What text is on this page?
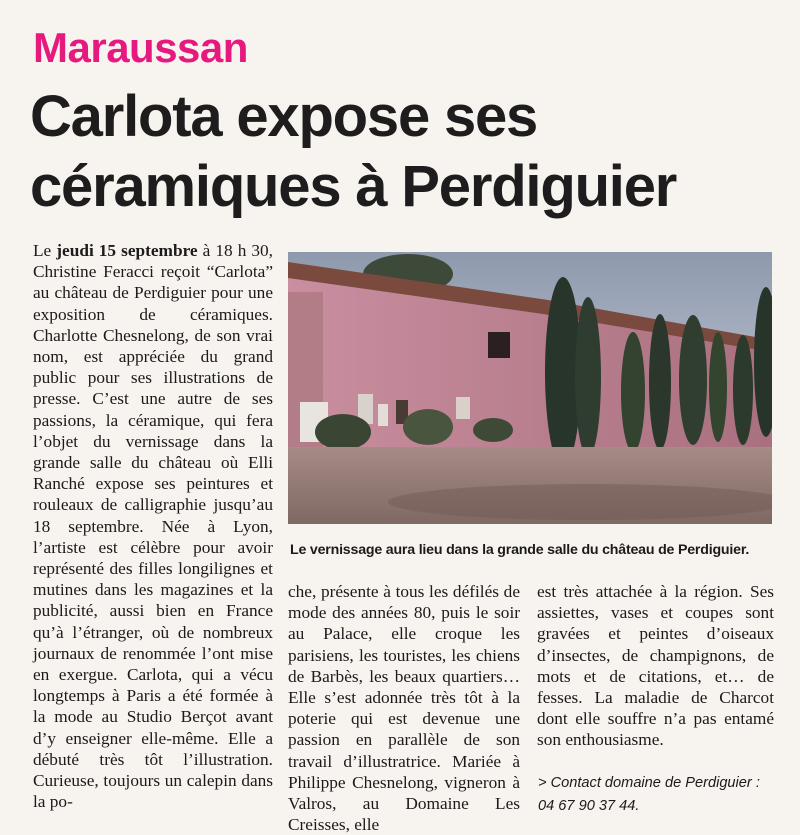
Maraussan
Carlota expose ses
céramiques à Perdiguier

Le jeudi 15 septembre à 18 h 30, Christine Feracci reçoit “Carlota” au château de Perdiguier pour une exposition de céramiques. Charlotte Chesnelong, de son vrai nom, est appréciée du grand public pour ses illustrations de presse. C’est une autre de ses passions, la céramique, qui fera l’objet du vernissage dans la grande salle du château où Elli Ranché expose ses peintures et rouleaux de calligraphie jusqu’au 18 septembre. Née à Lyon, l’artiste est célèbre pour avoir représenté des filles longilignes et mutines dans les magazines et la publicité, aussi bien en France qu’à l’étranger, où de nombreux journaux de renommée l’ont mise en exergue. Carlota, qui a vécu longtemps à Paris a été formée à la mode au Studio Berçot avant d’y enseigner elle-même. Elle a débuté très tôt l’illustration. Curieuse, toujours un calepin dans la po-

Le vernissage aura lieu dans la grande salle du château de Perdiguier.

che, présente à tous les défilés de mode des années 80, puis le soir au Palace, elle croque les parisiens, les touristes, les chiens de Barbès, les beaux quartiers… Elle s’est adonnée très tôt à la poterie qui est devenue une passion en parallèle de son travail d’illustratrice. Mariée à Philippe Chesnelong, vigneron à Valros, au Domaine Les Creisses, elle

est très attachée à la région. Ses assiettes, vases et coupes sont gravées et peintes d’oiseaux d’insectes, de champignons, de mots et de citations, et… de fesses. La maladie de Charcot dont elle souffre n’a pas entamé son enthousiasme.

> Contact domaine de Perdiguier :
04 67 90 37 44.
